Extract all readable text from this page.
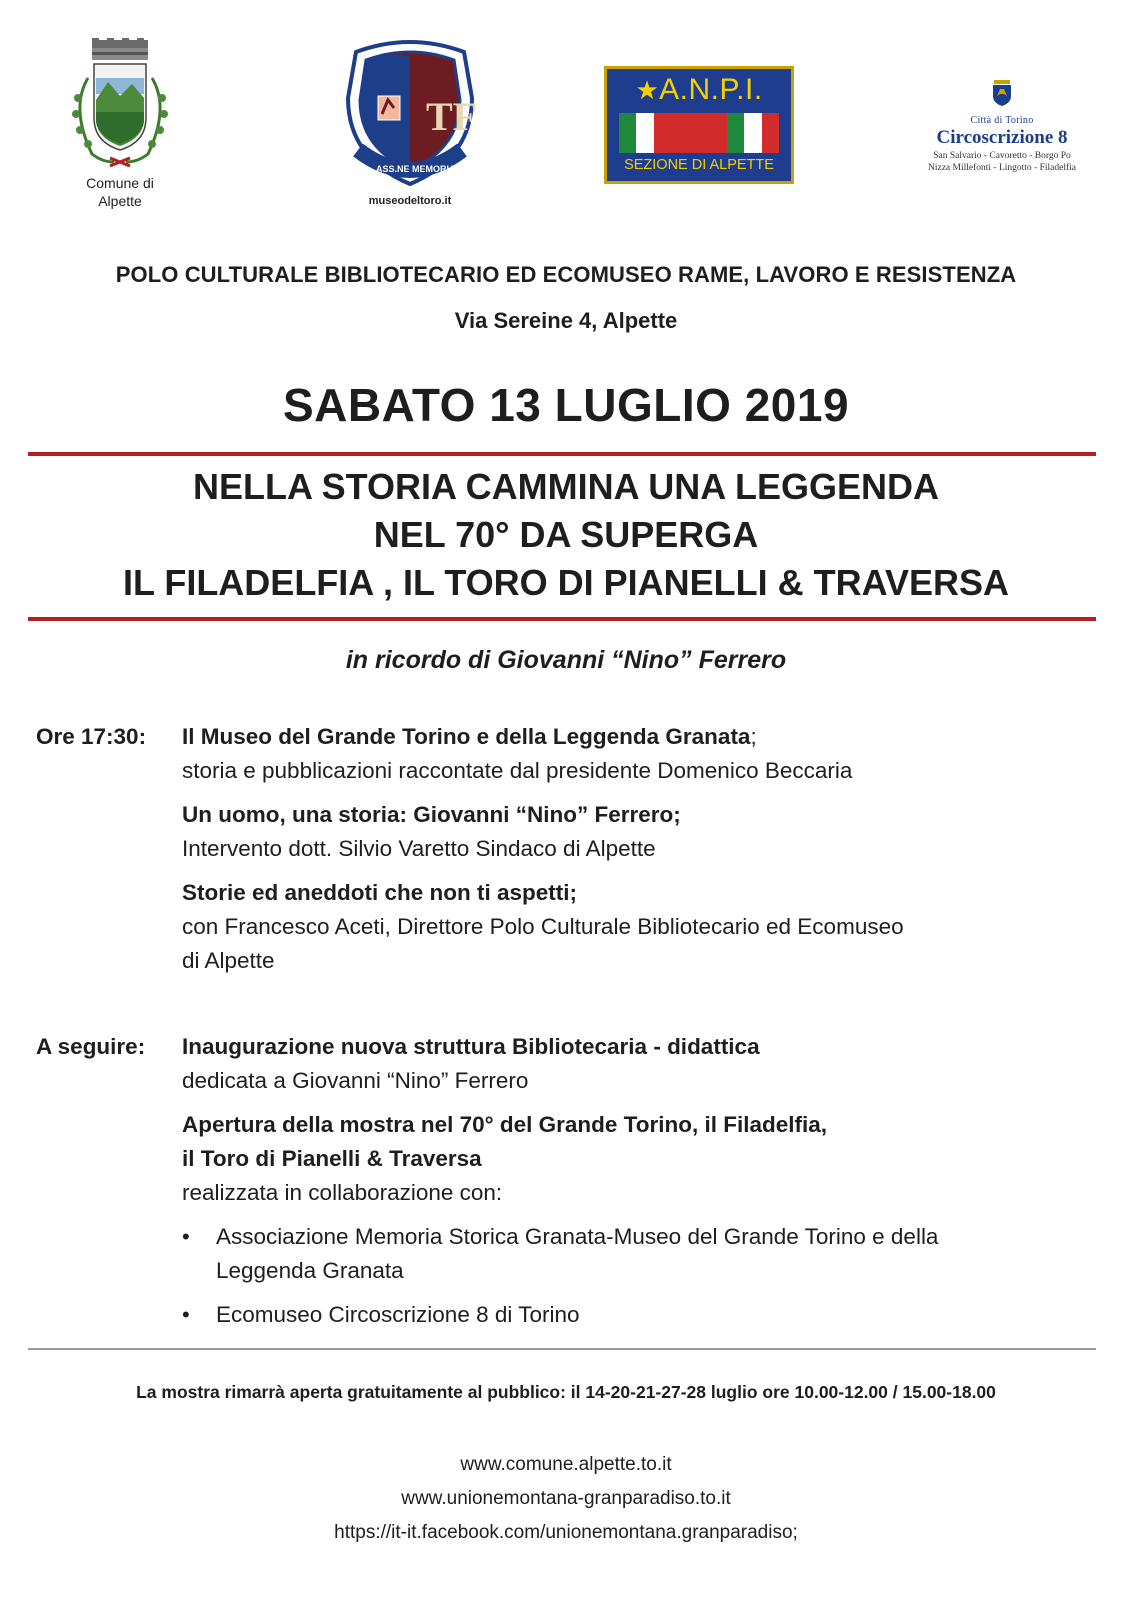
Comune di
Alpette
TF
ASS.NE MEMORIA STORICA GRANATA
museodeltoro.it
★A.N.P.I.
SEZIONE DI ALPETTE
Città di Torino
Circoscrizione 8
San Salvario - Cavoretto - Borgo Po
Nizza Millefonti - Lingotto - Filadelfia
POLO CULTURALE BIBLIOTECARIO ED ECOMUSEO RAME, LAVORO E RESISTENZA
Via Sereine 4, Alpette
SABATO 13 LUGLIO 2019
NELLA STORIA CAMMINA UNA LEGGENDA
NEL 70° DA SUPERGA
IL FILADELFIA , IL TORO DI PIANELLI & TRAVERSA
in ricordo di Giovanni “Nino” Ferrero
Ore 17:30: Il Museo del Grande Torino e della Leggenda Granata;
storia e pubblicazioni raccontate dal presidente Domenico Beccaria
Un uomo, una storia: Giovanni “Nino” Ferrero;
Intervento dott. Silvio Varetto Sindaco di Alpette
Storie ed aneddoti che non ti aspetti;
con Francesco Aceti, Direttore Polo Culturale Bibliotecario ed Ecomuseo
di Alpette
A seguire: Inaugurazione nuova struttura Bibliotecaria - didattica
dedicata a Giovanni “Nino” Ferrero
Apertura della mostra nel 70° del Grande Torino, il Filadelfia,
il Toro di Pianelli & Traversa
realizzata in collaborazione con:
• Associazione Memoria Storica Granata-Museo del Grande Torino e della
Leggenda Granata
• Ecomuseo Circoscrizione 8 di Torino
La mostra rimarrà aperta gratuitamente al pubblico: il 14-20-21-27-28 luglio ore 10.00-12.00 / 15.00-18.00
www.comune.alpette.to.it
www.unionemontana-granparadiso.to.it
https://it-it.facebook.com/unionemontana.granparadiso;
